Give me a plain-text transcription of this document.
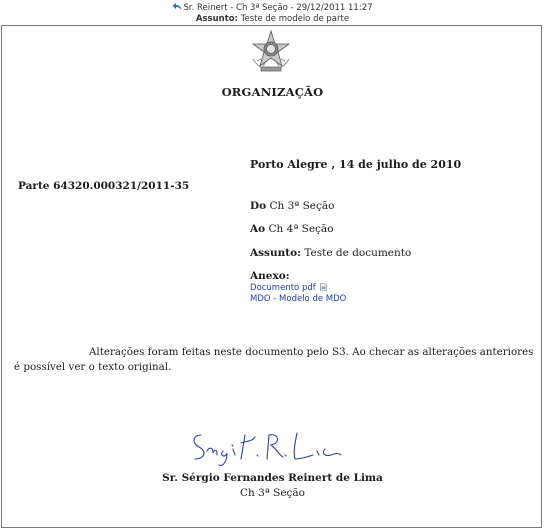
Sr. Reinert - Ch 3ª Seção - 29/12/2011 11:27
Assunto: Teste de modelo de parte
ORGANIZAÇÃO
Porto Alegre , 14 de julho de 2010
Parte 64320.000321/2011-35
Do Ch 3ª Seção
Ao Ch 4ª Seção
Assunto: Teste de documento
Anexo:
Documento pdf
MDO - Modelo de MDO
Alterações foram feitas neste documento pelo S3. Ao checar as alterações anteriores é possível ver o texto original.
Sr. Sérgio Fernandes Reinert de Lima
Ch 3ª Seção
